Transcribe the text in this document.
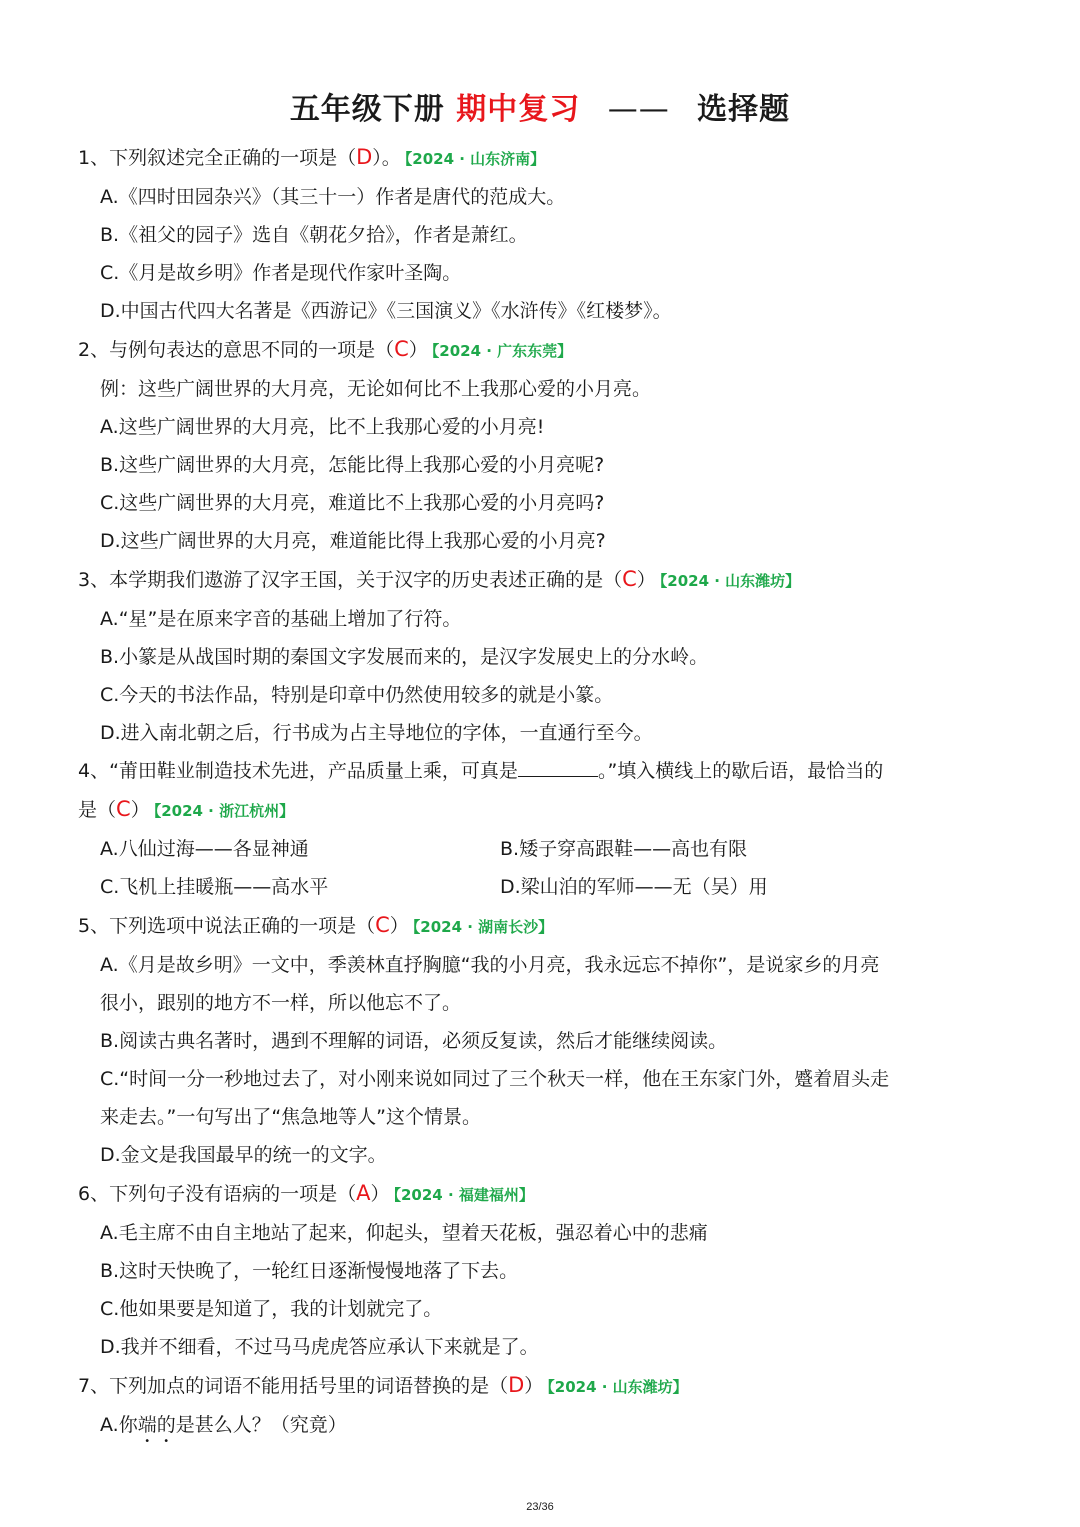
五年级下册 期中复习 —— 选择题

1、下列叙述完全正确的一项是（D）。 【2024 · 山东济南】

A.《四时田园杂兴》（其三十一）作者是唐代的范成大。

B.《祖父的园子》选自《朝花夕拾》，作者是萧红。

C.《月是故乡明》作者是现代作家叶圣陶。

D.中国古代四大名著是《西游记》《三国演义》《水浒传》《红楼梦》。

2、与例句表达的意思不同的一项是（C） 【2024 · 广东东莞】

例：这些广阔世界的大月亮，无论如何比不上我那心爱的小月亮。

A.这些广阔世界的大月亮，比不上我那心爱的小月亮!

B.这些广阔世界的大月亮，怎能比得上我那心爱的小月亮呢?

C.这些广阔世界的大月亮，难道比不上我那心爱的小月亮吗?

D.这些广阔世界的大月亮，难道能比得上我那心爱的小月亮?

3、本学期我们遨游了汉字王国，关于汉字的历史表述正确的是（C） 【2024 · 山东潍坊】

A.“星”是在原来字音的基础上增加了行符。

B.小篆是从战国时期的秦国文字发展而来的，是汉字发展史上的分水岭。

C.今天的书法作品，特别是印章中仍然使用较多的就是小篆。

D.进入南北朝之后，行书成为占主导地位的字体，一直通行至今。

4、“莆田鞋业制造技术先进，产品质量上乘，可真是	。”填入横线上的歇后语，最恰当的

是（C） 【2024 · 浙江杭州】

A.八仙过海——各显神通	B.矮子穿高跟鞋——高也有限
C.飞机上挂暖瓶——高水平	D.梁山泊的军师——无（吴）用

5、下列选项中说法正确的一项是（C） 【2024 · 湖南长沙】

A.《月是故乡明》一文中，季羡林直抒胸臆“我的小月亮，我永远忘不掉你”，是说家乡的月亮

很小，跟别的地方不一样，所以他忘不了。

B.阅读古典名著时，遇到不理解的词语，必须反复读，然后才能继续阅读。

C.“时间一分一秒地过去了，对小刚来说如同过了三个秋天一样，他在王东家门外，蹙着眉头走

来走去。”一句写出了“焦急地等人”这个情景。

D.金文是我国最早的统一的文字。

6、下列句子没有语病的一项是（A） 【2024 · 福建福州】

A.毛主席不由自主地站了起来，仰起头，望着天花板，强忍着心中的悲痛

B.这时天快晚了，一轮红日逐渐慢慢地落了下去。

C.他如果要是知道了，我的计划就完了。

D.我并不细看，不过马马虎虎答应承认下来就是了。

7、下列加点的词语不能用括号里的词语替换的是（D） 【2024 · 山东潍坊】

A.你端的是甚么人？（究竟）

23/36
